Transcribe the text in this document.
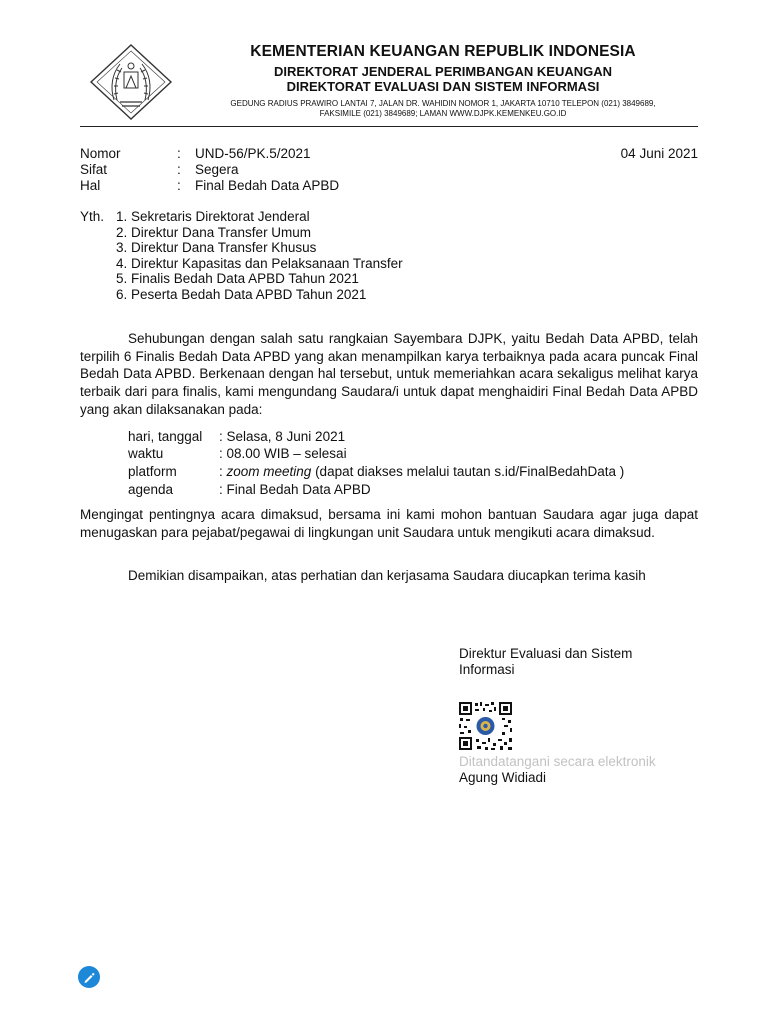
KEMENTERIAN KEUANGAN REPUBLIK INDONESIA
DIREKTORAT JENDERAL PERIMBANGAN KEUANGAN
DIREKTORAT EVALUASI DAN SISTEM INFORMASI
GEDUNG RADIUS PRAWIRO LANTAI 7, JALAN DR. WAHIDIN NOMOR 1, JAKARTA 10710 TELEPON (021) 3849689,
FAKSIMILE (021) 3849689; LAMAN WWW.DJPK.KEMENKEU.GO.ID
Nomor	: UND-56/PK.5/2021
Sifat	: Segera
Hal	: Final Bedah Data APBD
04 Juni 2021
Yth. 1. Sekretaris Direktorat Jenderal
2. Direktur Dana Transfer Umum
3. Direktur Dana Transfer Khusus
4. Direktur Kapasitas dan Pelaksanaan Transfer
5. Finalis Bedah Data APBD Tahun 2021
6. Peserta Bedah Data APBD Tahun 2021

Sehubungan dengan salah satu rangkaian Sayembara DJPK, yaitu Bedah Data APBD, telah terpilih 6 Finalis Bedah Data APBD yang akan menampilkan karya terbaiknya pada acara puncak Final Bedah Data APBD. Berkenaan dengan hal tersebut, untuk memeriahkan acara sekaligus melihat karya terbaik dari para finalis, kami mengundang Saudara/i untuk dapat menghaidiri Final Bedah Data APBD yang akan dilaksanakan pada:

hari, tanggal : Selasa, 8 Juni 2021
waktu	: 08.00 WIB – selesai
platform	: zoom meeting (dapat diakses melalui tautan s.id/FinalBedahData )
agenda	: Final Bedah Data APBD

Mengingat pentingnya acara dimaksud, bersama ini kami mohon bantuan Saudara agar juga dapat menugaskan para pejabat/pegawai di lingkungan unit Saudara untuk mengikuti acara dimaksud.

Demikian disampaikan, atas perhatian dan kerjasama Saudara diucapkan terima kasih

Direktur Evaluasi dan Sistem
Informasi
Ditandatangani secara elektronik
Agung Widiadi
